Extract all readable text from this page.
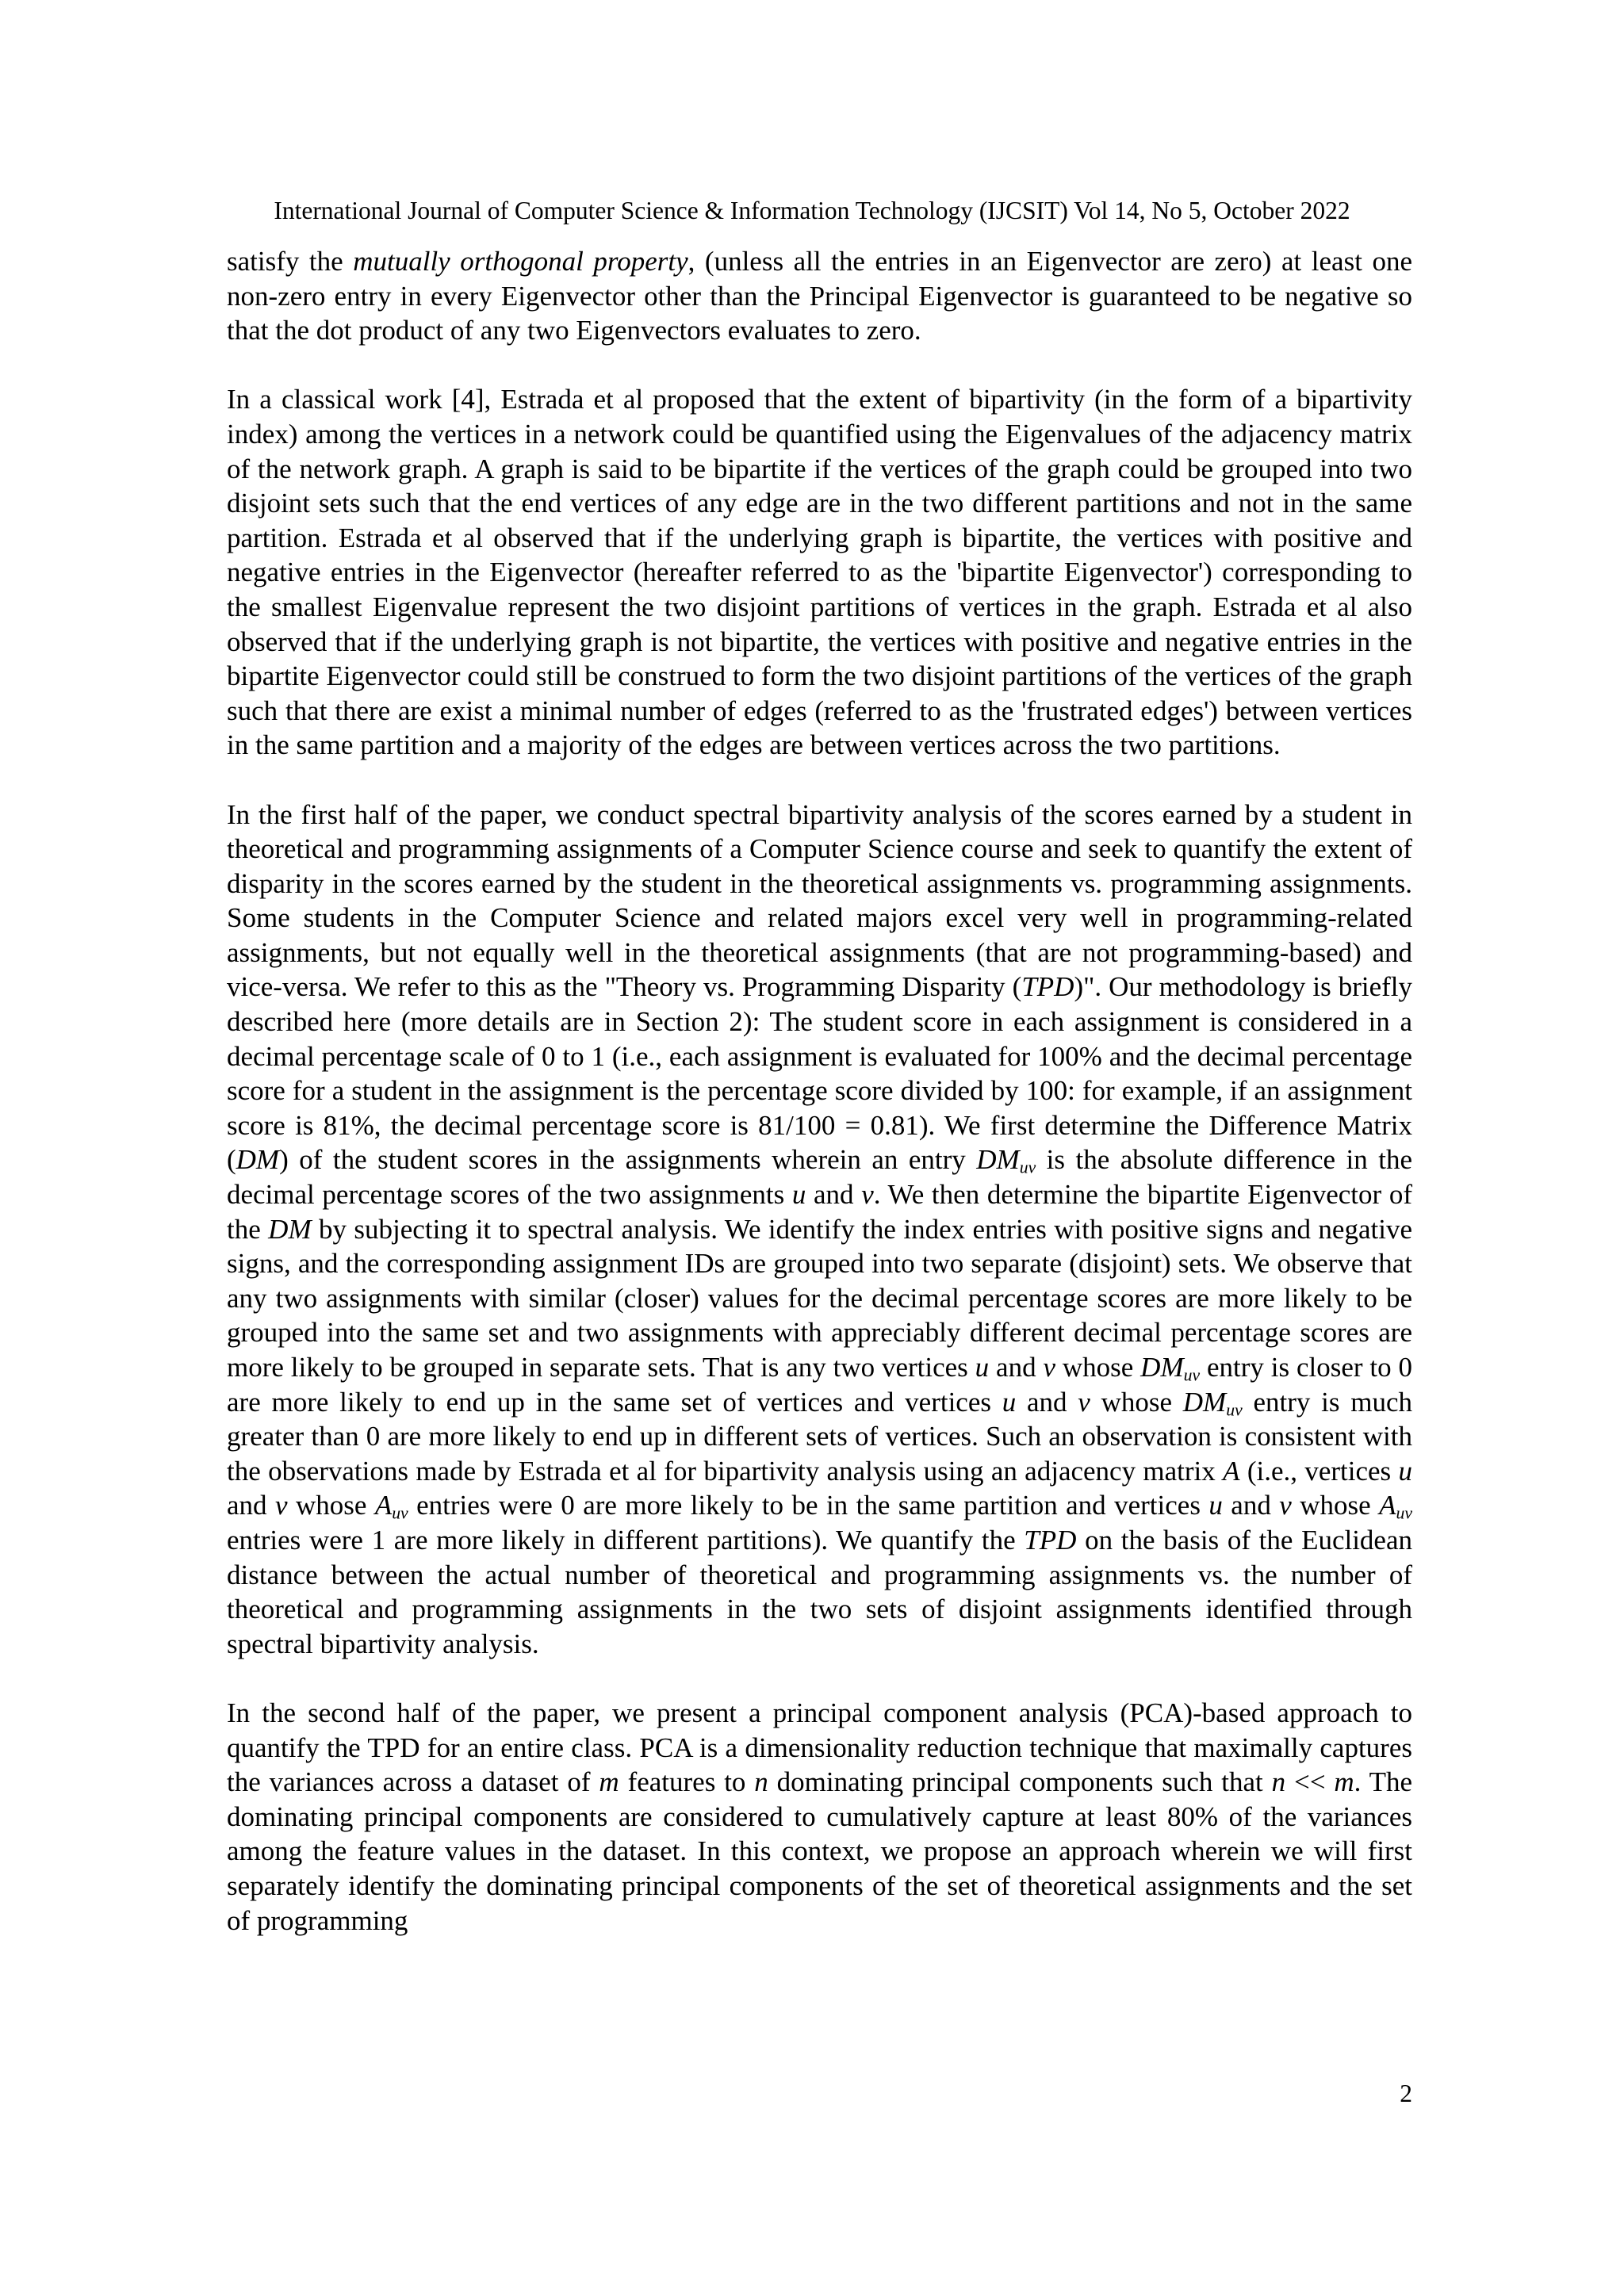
International Journal of Computer Science & Information Technology (IJCSIT) Vol 14, No 5, October 2022

satisfy the mutually orthogonal property, (unless all the entries in an Eigenvector are zero) at least one non-zero entry in every Eigenvector other than the Principal Eigenvector is guaranteed to be negative so that the dot product of any two Eigenvectors evaluates to zero.

In a classical work [4], Estrada et al proposed that the extent of bipartivity (in the form of a bipartivity index) among the vertices in a network could be quantified using the Eigenvalues of the adjacency matrix of the network graph. A graph is said to be bipartite if the vertices of the graph could be grouped into two disjoint sets such that the end vertices of any edge are in the two different partitions and not in the same partition. Estrada et al observed that if the underlying graph is bipartite, the vertices with positive and negative entries in the Eigenvector (hereafter referred to as the 'bipartite Eigenvector') corresponding to the smallest Eigenvalue represent the two disjoint partitions of vertices in the graph. Estrada et al also observed that if the underlying graph is not bipartite, the vertices with positive and negative entries in the bipartite Eigenvector could still be construed to form the two disjoint partitions of the vertices of the graph such that there are exist a minimal number of edges (referred to as the 'frustrated edges') between vertices in the same partition and a majority of the edges are between vertices across the two partitions.

In the first half of the paper, we conduct spectral bipartivity analysis of the scores earned by a student in theoretical and programming assignments of a Computer Science course and seek to quantify the extent of disparity in the scores earned by the student in the theoretical assignments vs. programming assignments. Some students in the Computer Science and related majors excel very well in programming-related assignments, but not equally well in the theoretical assignments (that are not programming-based) and vice-versa. We refer to this as the "Theory vs. Programming Disparity (TPD)". Our methodology is briefly described here (more details are in Section 2): The student score in each assignment is considered in a decimal percentage scale of 0 to 1 (i.e., each assignment is evaluated for 100% and the decimal percentage score for a student in the assignment is the percentage score divided by 100: for example, if an assignment score is 81%, the decimal percentage score is 81/100 = 0.81). We first determine the Difference Matrix (DM) of the student scores in the assignments wherein an entry $DM_{uv}$ is the absolute difference in the decimal percentage scores of the two assignments u and v. We then determine the bipartite Eigenvector of the DM by subjecting it to spectral analysis. We identify the index entries with positive signs and negative signs, and the corresponding assignment IDs are grouped into two separate (disjoint) sets. We observe that any two assignments with similar (closer) values for the decimal percentage scores are more likely to be grouped into the same set and two assignments with appreciably different decimal percentage scores are more likely to be grouped in separate sets. That is any two vertices u and v whose $DM_{uv}$ entry is closer to 0 are more likely to end up in the same set of vertices and vertices u and v whose $DM_{uv}$ entry is much greater than 0 are more likely to end up in different sets of vertices. Such an observation is consistent with the observations made by Estrada et al for bipartivity analysis using an adjacency matrix A (i.e., vertices u and v whose $A_{uv}$ entries were 0 are more likely to be in the same partition and vertices u and v whose $A_{uv}$ entries were 1 are more likely in different partitions). We quantify the TPD on the basis of the Euclidean distance between the actual number of theoretical and programming assignments vs. the number of theoretical and programming assignments in the two sets of disjoint assignments identified through spectral bipartivity analysis.

In the second half of the paper, we present a principal component analysis (PCA)-based approach to quantify the TPD for an entire class. PCA is a dimensionality reduction technique that maximally captures the variances across a dataset of m features to n dominating principal components such that n << m. The dominating principal components are considered to cumulatively capture at least 80% of the variances among the feature values in the dataset. In this context, we propose an approach wherein we will first separately identify the dominating principal components of the set of theoretical assignments and the set of programming

2
